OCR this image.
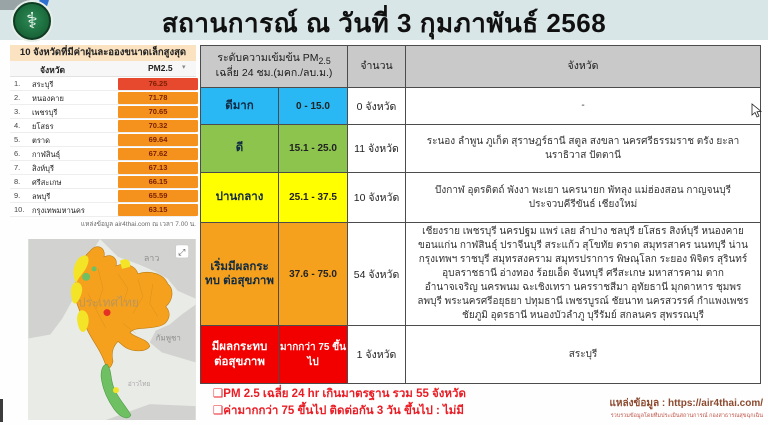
⚕	สถานการณ์ ณ วันที่ 3 กุมภาพันธ์ 2568
10 จังหวัดที่มีค่าฝุ่นละอองขนาดเล็กสูงสุด
จังหวัด	PM2.5 ▾
1. สระบุรี	76.25
2. หนองคาย	71.78
3. เพชรบุรี	70.65
4. ยโสธร	70.32
5. ตราด	69.64
6. กาฬสินธุ์	67.62
7. สิงห์บุรี	67.13
8. ศรีสะเกษ	66.15
9. ลพบุรี	65.59
10. กรุงเทพมหานคร	63.15
แหล่งข้อมูล air4thai.com ณ เวลา 7.00 น.
ลาว
กัมพูชา
ประเทศไทย
อ่าวไทย
⤢
ระดับความเข้มข้น $PM_{2.5}$
เฉลี่ย 24 ชม.(มคก./ลบ.ม.)		จำนวน	จังหวัด
ดีมาก	0 - 15.0	0 จังหวัด	-
ดี	15.1 - 25.0	11 จังหวัด	ระนอง ลำพูน ภูเก็ต สุราษฎร์ธานี สตูล สงขลา นครศรีธรรมราช ตรัง ยะลา นราธิวาส ปัตตานี
ปานกลาง	25.1 - 37.5	10 จังหวัด	บึงกาฬ อุตรดิตถ์ พังงา พะเยา นครนายก พัทลุง แม่ฮ่องสอน กาญจนบุรี ประจวบคีรีขันธ์ เชียงใหม่
เริ่มมีผลกระทบ ต่อสุขภาพ	37.6 - 75.0	54 จังหวัด	เชียงราย เพชรบุรี นครปฐม แพร่ เลย ลำปาง ชลบุรี ยโสธร สิงห์บุรี หนองคาย ขอนแก่น กาฬสินธุ์ ปราจีนบุรี สระแก้ว สุโขทัย ตราด สมุทรสาคร นนทบุรี น่าน กรุงเทพฯ ราชบุรี สมุทรสงคราม สมุทรปราการ พิษณุโลก ระยอง พิจิตร สุรินทร์ อุบลราชธานี อ่างทอง ร้อยเอ็ด จันทบุรี ศรีสะเกษ มหาสารคาม ตาก อำนาจเจริญ นครพนม ฉะเชิงเทรา นครราชสีมา อุทัยธานี มุกดาหาร ชุมพร ลพบุรี พระนครศรีอยุธยา ปทุมธานี เพชรบูรณ์ ชัยนาท นครสวรรค์ กำแพงเพชร ชัยภูมิ อุดรธานี หนองบัวลำภู บุรีรัมย์ สกลนคร สุพรรณบุรี
มีผลกระทบ ต่อสุขภาพ	มากกว่า 75 ขึ้นไป	1 จังหวัด	สระบุรี
❑PM 2.5 เฉลี่ย 24 hr เกินมาตรฐาน รวม 55 จังหวัด
❑ค่ามากกว่า 75 ขึ้นไป ติดต่อกัน 3 วัน ขึ้นไป : ไม่มี
แหล่งข้อมูล : https://air4thai.com/
รวบรวมข้อมูลโดยทีมประเมินสถานการณ์ กองสาธารณสุขฉุกเฉิน
